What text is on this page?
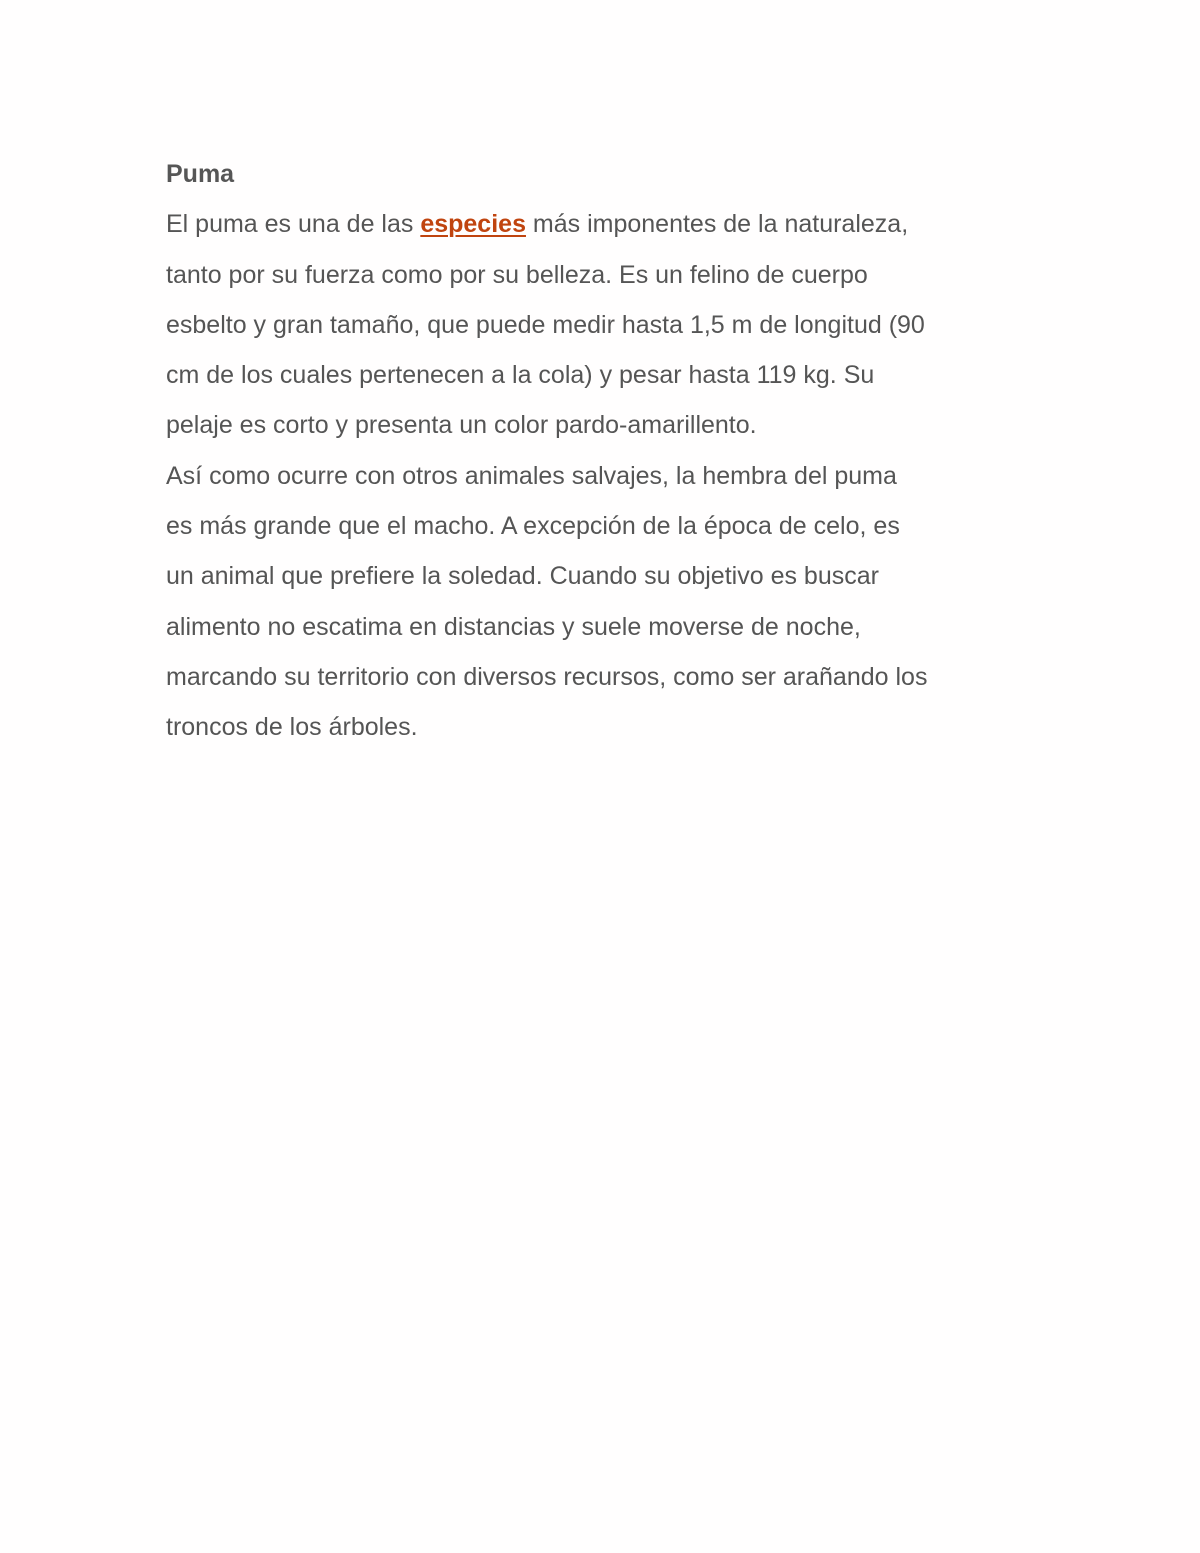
Puma
El puma es una de las especies más imponentes de la naturaleza,
tanto por su fuerza como por su belleza. Es un felino de cuerpo
esbelto y gran tamaño, que puede medir hasta 1,5 m de longitud (90
cm de los cuales pertenecen a la cola) y pesar hasta 119 kg. Su
pelaje es corto y presenta un color pardo-amarillento.
Así como ocurre con otros animales salvajes, la hembra del puma
es más grande que el macho. A excepción de la época de celo, es
un animal que prefiere la soledad. Cuando su objetivo es buscar
alimento no escatima en distancias y suele moverse de noche,
marcando su territorio con diversos recursos, como ser arañando los
troncos de los árboles.
